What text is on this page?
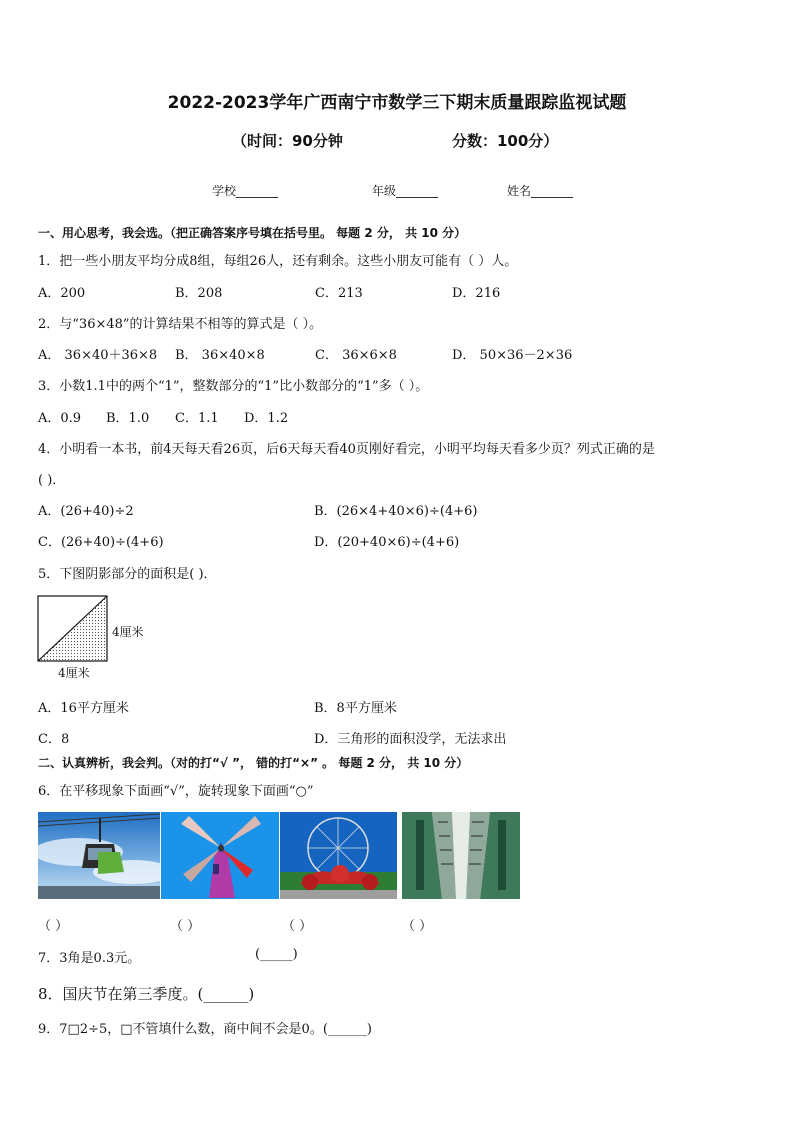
2022-2023学年广西南宁市数学三下期末质量跟踪监视试题
（时间：90分钟	分数：100分）
学校_______	年级_______	姓名_______
一、用心思考，我会选。（把正确答案序号填在括号里。 每题 2 分， 共 10 分）
1．把一些小朋友平均分成8组，每组26人，还有剩余。这些小朋友可能有（ ）人。
A．200	B．208	C．213	D．216
2．与“36×48”的计算结果不相等的算式是（ ）。
A． 36×40＋36×8 B． 36×40×8	C． 36×6×8	D． 50×36－2×36
3．小数1.1中的两个“1”，整数部分的“1”比小数部分的“1”多（ ）。
A．0.9 B．1.0 C．1.1 D．1.2
4．小明看一本书，前4天每天看26页，后6天每天看40页刚好看完，小明平均每天看多少页？列式正确的是
( )．
A．(26+40)÷2	B．(26×4+40×6)÷(4+6)
C．(26+40)÷(4+6)	D．(20+40×6)÷(4+6)
5．下图阴影部分的面积是( )．
4厘米
4厘米
A．16平方厘米	B．8平方厘米
C．8	D．三角形的面积没学，无法求出
二、认真辨析，我会判。（对的打“√ ”， 错的打“×” 。 每题 2 分， 共 10 分）
6．在平移现象下面画“√”，旋转现象下面画“○”
（ ）	（ ）	（ ）	（ ）
7．3角是0.3元。	(_____)
8．国庆节在第三季度。(______)
9．7□2÷5，□不管填什么数，商中间不会是0。(______)
